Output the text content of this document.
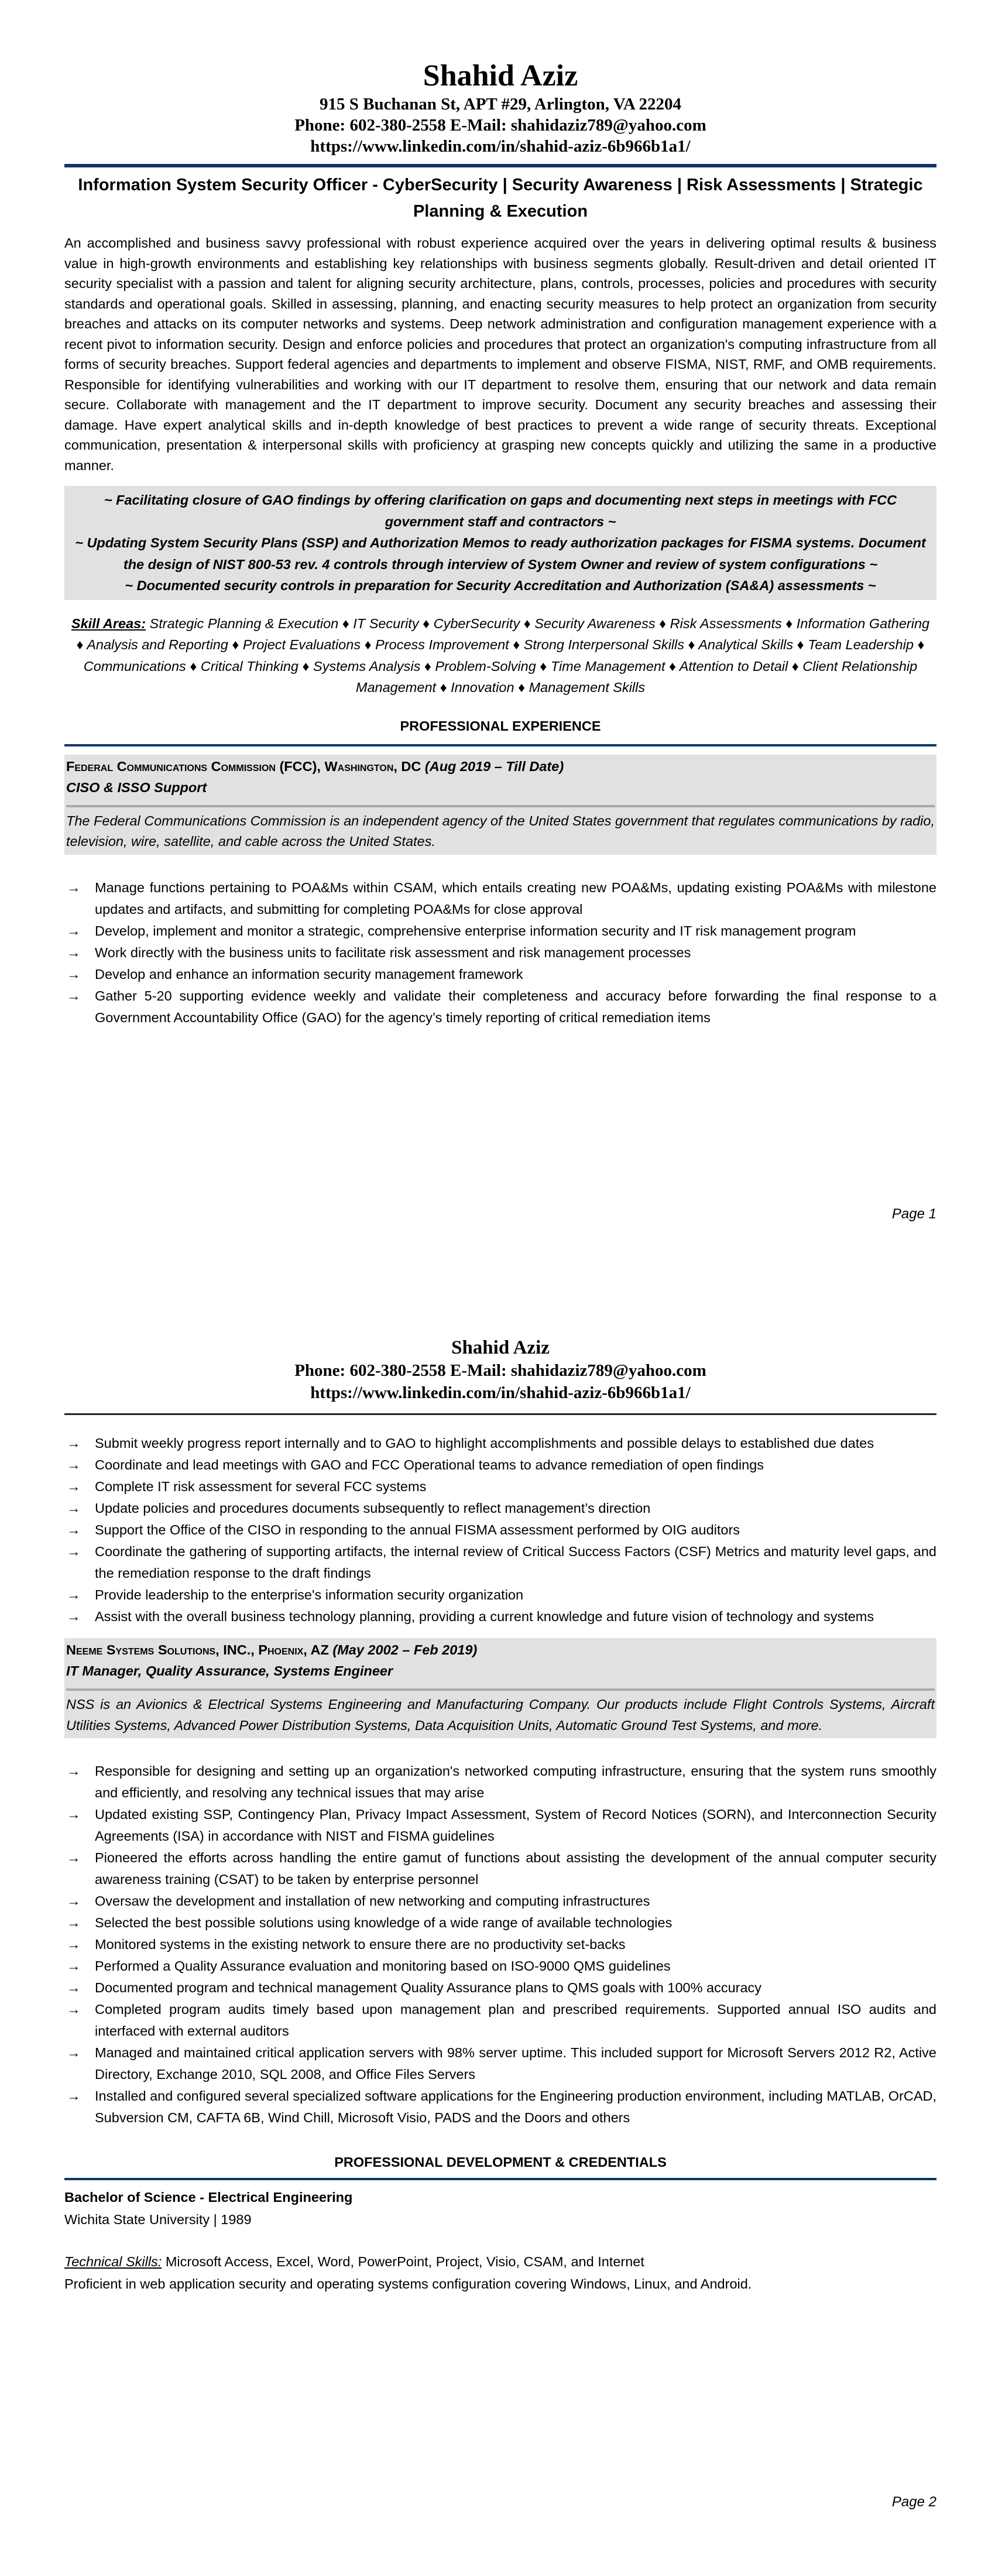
Shahid Aziz
915 S Buchanan St, APT #29, Arlington, VA 22204
Phone: 602-380-2558 E-Mail: shahidaziz789@yahoo.com
https://www.linkedin.com/in/shahid-aziz-6b966b1a1/
Information System Security Officer - CyberSecurity | Security Awareness | Risk Assessments | Strategic Planning & Execution
An accomplished and business savvy professional with robust experience acquired over the years in delivering optimal results & business value in high-growth environments and establishing key relationships with business segments globally. Result-driven and detail oriented IT security specialist with a passion and talent for aligning security architecture, plans, controls, processes, policies and procedures with security standards and operational goals. Skilled in assessing, planning, and enacting security measures to help protect an organization from security breaches and attacks on its computer networks and systems. Deep network administration and configuration management experience with a recent pivot to information security. Design and enforce policies and procedures that protect an organization's computing infrastructure from all forms of security breaches. Support federal agencies and departments to implement and observe FISMA, NIST, RMF, and OMB requirements. Responsible for identifying vulnerabilities and working with our IT department to resolve them, ensuring that our network and data remain secure. Collaborate with management and the IT department to improve security. Document any security breaches and assessing their damage. Have expert analytical skills and in-depth knowledge of best practices to prevent a wide range of security threats. Exceptional communication, presentation & interpersonal skills with proficiency at grasping new concepts quickly and utilizing the same in a productive manner.
~ Facilitating closure of GAO findings by offering clarification on gaps and documenting next steps in meetings with FCC government staff and contractors ~
~ Updating System Security Plans (SSP) and Authorization Memos to ready authorization packages for FISMA systems. Document the design of NIST 800-53 rev. 4 controls through interview of System Owner and review of system configurations ~
~ Documented security controls in preparation for Security Accreditation and Authorization (SA&A) assessments ~
Skill Areas: Strategic Planning & Execution ♦ IT Security ♦ CyberSecurity ♦ Security Awareness ♦ Risk Assessments ♦ Information Gathering ♦ Analysis and Reporting ♦ Project Evaluations ♦ Process Improvement ♦ Strong Interpersonal Skills ♦ Analytical Skills ♦ Team Leadership ♦ Communications ♦ Critical Thinking ♦ Systems Analysis ♦ Problem-Solving ♦ Time Management ♦ Attention to Detail ♦ Client Relationship Management ♦ Innovation ♦ Management Skills
PROFESSIONAL EXPERIENCE
Federal Communications Commission (FCC), Washington, DC (Aug 2019 – Till Date)
CISO & ISSO Support
The Federal Communications Commission is an independent agency of the United States government that regulates communications by radio, television, wire, satellite, and cable across the United States.
→ Manage functions pertaining to POA&Ms within CSAM, which entails creating new POA&Ms, updating existing POA&Ms with milestone updates and artifacts, and submitting for completing POA&Ms for close approval
→ Develop, implement and monitor a strategic, comprehensive enterprise information security and IT risk management program
→ Work directly with the business units to facilitate risk assessment and risk management processes
→ Develop and enhance an information security management framework
→ Gather 5-20 supporting evidence weekly and validate their completeness and accuracy before forwarding the final response to a Government Accountability Office (GAO) for the agency’s timely reporting of critical remediation items
Page 1
Shahid Aziz
Phone: 602-380-2558 E-Mail: shahidaziz789@yahoo.com
https://www.linkedin.com/in/shahid-aziz-6b966b1a1/
→ Submit weekly progress report internally and to GAO to highlight accomplishments and possible delays to established due dates
→ Coordinate and lead meetings with GAO and FCC Operational teams to advance remediation of open findings
→ Complete IT risk assessment for several FCC systems
→ Update policies and procedures documents subsequently to reflect management’s direction
→ Support the Office of the CISO in responding to the annual FISMA assessment performed by OIG auditors
→ Coordinate the gathering of supporting artifacts, the internal review of Critical Success Factors (CSF) Metrics and maturity level gaps, and the remediation response to the draft findings
→ Provide leadership to the enterprise's information security organization
→ Assist with the overall business technology planning, providing a current knowledge and future vision of technology and systems
Neeme Systems Solutions, INC., Phoenix, AZ (May 2002 – Feb 2019)
IT Manager, Quality Assurance, Systems Engineer
NSS is an Avionics & Electrical Systems Engineering and Manufacturing Company. Our products include Flight Controls Systems, Aircraft Utilities Systems, Advanced Power Distribution Systems, Data Acquisition Units, Automatic Ground Test Systems, and more.
→ Responsible for designing and setting up an organization's networked computing infrastructure, ensuring that the system runs smoothly and efficiently, and resolving any technical issues that may arise
→ Updated existing SSP, Contingency Plan, Privacy Impact Assessment, System of Record Notices (SORN), and Interconnection Security Agreements (ISA) in accordance with NIST and FISMA guidelines
→ Pioneered the efforts across handling the entire gamut of functions about assisting the development of the annual computer security awareness training (CSAT) to be taken by enterprise personnel
→ Oversaw the development and installation of new networking and computing infrastructures
→ Selected the best possible solutions using knowledge of a wide range of available technologies
→ Monitored systems in the existing network to ensure there are no productivity set-backs
→ Performed a Quality Assurance evaluation and monitoring based on ISO-9000 QMS guidelines
→ Documented program and technical management Quality Assurance plans to QMS goals with 100% accuracy
→ Completed program audits timely based upon management plan and prescribed requirements. Supported annual ISO audits and interfaced with external auditors
→ Managed and maintained critical application servers with 98% server uptime. This included support for Microsoft Servers 2012 R2, Active Directory, Exchange 2010, SQL 2008, and Office Files Servers
→ Installed and configured several specialized software applications for the Engineering production environment, including MATLAB, OrCAD, Subversion CM, CAFTA 6B, Wind Chill, Microsoft Visio, PADS and the Doors and others
PROFESSIONAL DEVELOPMENT & CREDENTIALS
Bachelor of Science - Electrical Engineering
Wichita State University | 1989
Technical Skills: Microsoft Access, Excel, Word, PowerPoint, Project, Visio, CSAM, and Internet
Proficient in web application security and operating systems configuration covering Windows, Linux, and Android.
Page 2
